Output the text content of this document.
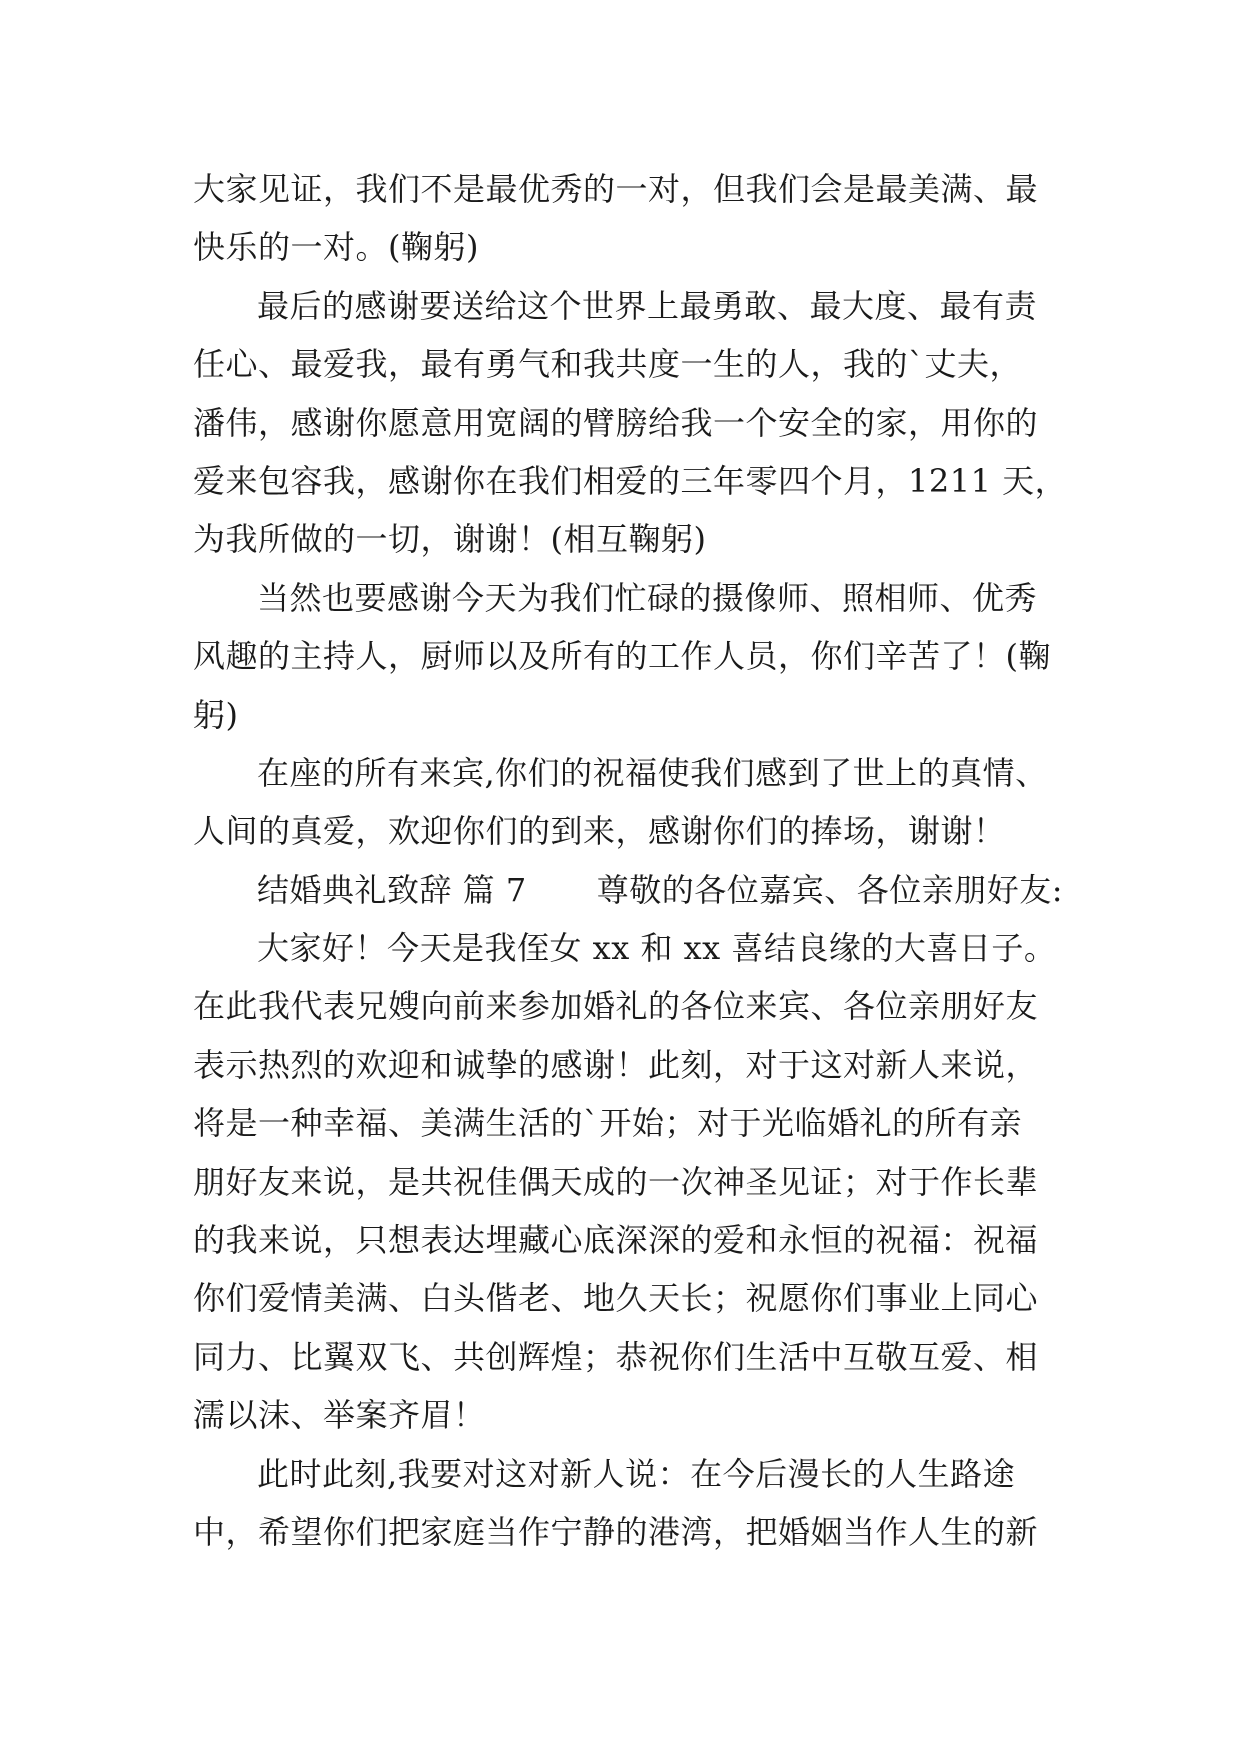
大家见证，我们不是最优秀的一对，但我们会是最美满、最
快乐的一对。(鞠躬)
最后的感谢要送给这个世界上最勇敢、最大度、最有责
任心、最爱我，最有勇气和我共度一生的人，我的`丈夫，
潘伟，感谢你愿意用宽阔的臂膀给我一个安全的家，用你的
爱来包容我，感谢你在我们相爱的三年零四个月，1211 天，
为我所做的一切，谢谢！(相互鞠躬)
当然也要感谢今天为我们忙碌的摄像师、照相师、优秀
风趣的主持人，厨师以及所有的工作人员，你们辛苦了！(鞠
躬)
在座的所有来宾,你们的祝福使我们感到了世上的真情、
人间的真爱，欢迎你们的到来，感谢你们的捧场，谢谢！
结婚典礼致辞 篇 7	尊敬的各位嘉宾、各位亲朋好友:
大家好！今天是我侄女 xx 和 xx 喜结良缘的大喜日子。
在此我代表兄嫂向前来参加婚礼的各位来宾、各位亲朋好友
表示热烈的欢迎和诚挚的感谢！此刻，对于这对新人来说，
将是一种幸福、美满生活的`开始；对于光临婚礼的所有亲
朋好友来说，是共祝佳偶天成的一次神圣见证；对于作长辈
的我来说，只想表达埋藏心底深深的爱和永恒的祝福：祝福
你们爱情美满、白头偕老、地久天长；祝愿你们事业上同心
同力、比翼双飞、共创辉煌；恭祝你们生活中互敬互爱、相
濡以沫、举案齐眉！
此时此刻,我要对这对新人说：在今后漫长的人生路途
中，希望你们把家庭当作宁静的港湾，把婚姻当作人生的新
